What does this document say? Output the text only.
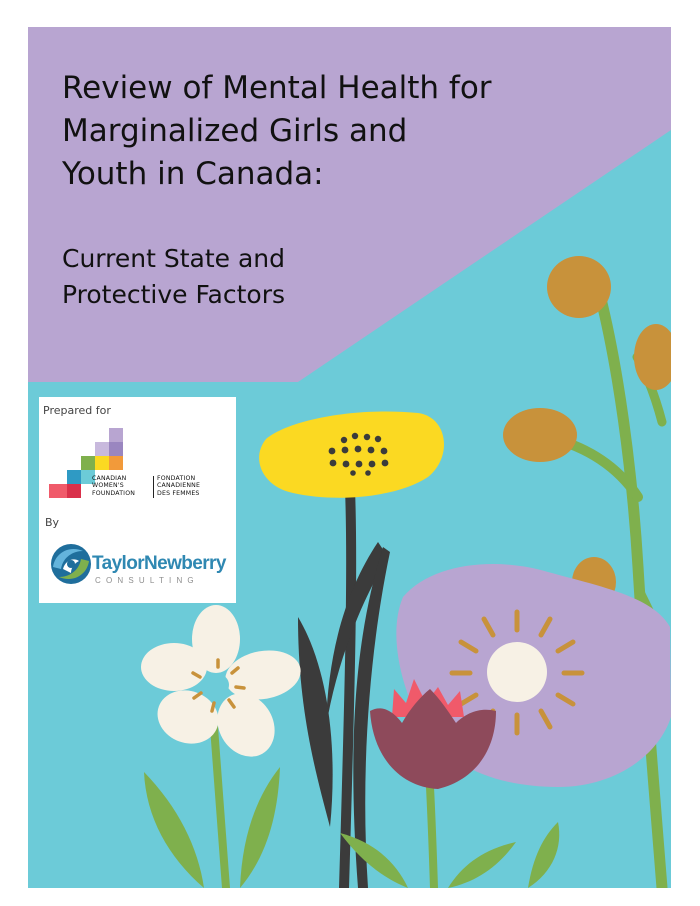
Review of Mental Health for
Marginalized Girls and
Youth in Canada:
Current State and
Protective Factors
Prepared for
CANADIAN
WOMEN'S
FOUNDATION
FONDATION
CANADIENNE
DES FEMMES
By
TaylorNewberry
CONSULTING
